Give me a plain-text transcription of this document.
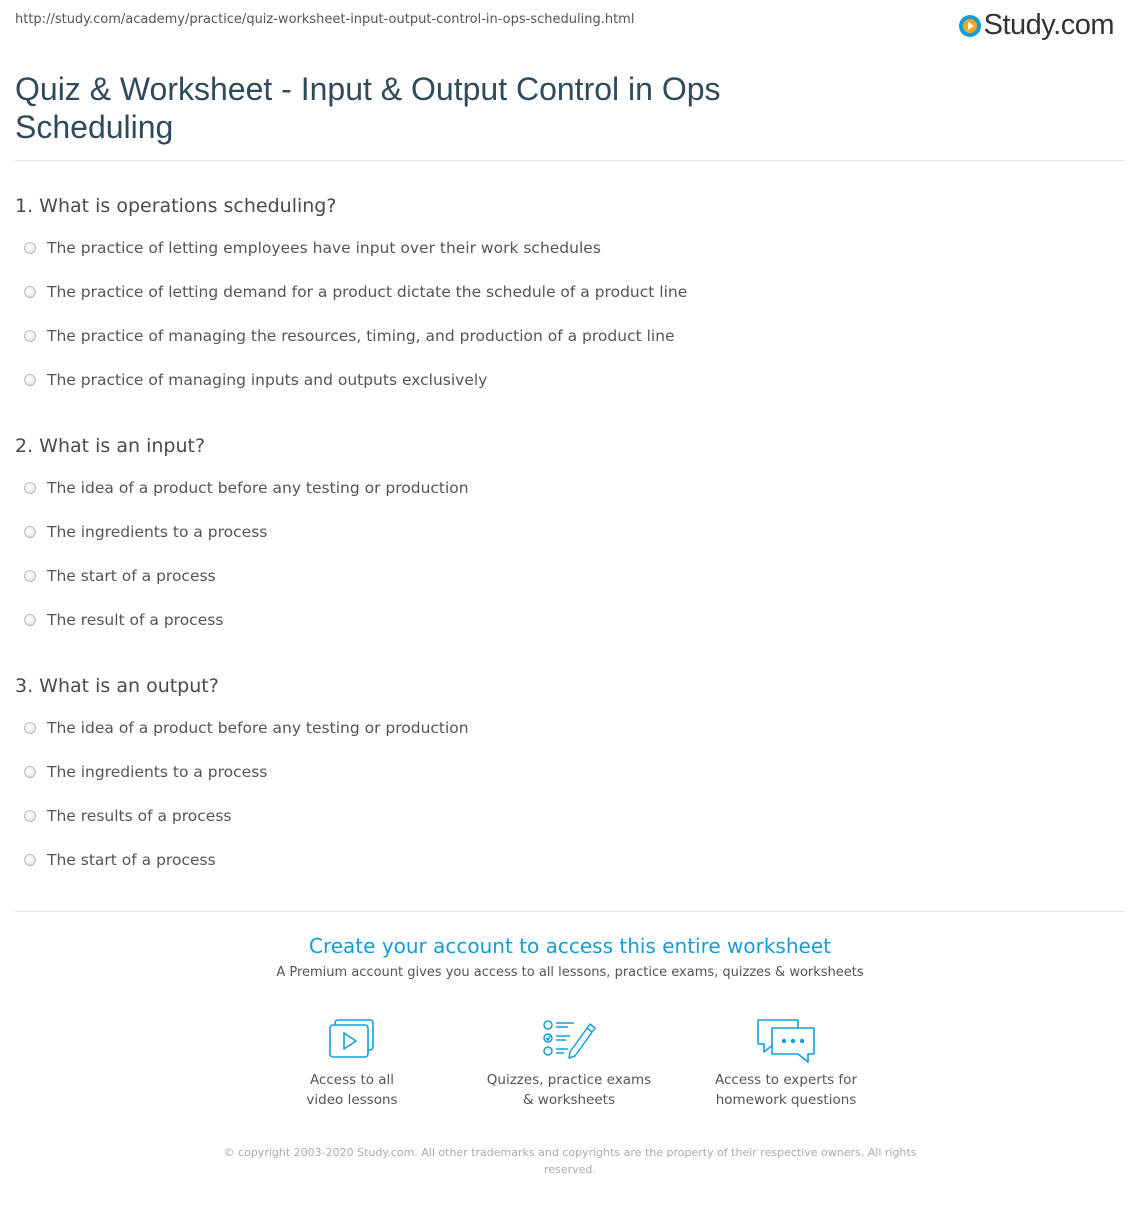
http://study.com/academy/practice/quiz-worksheet-input-output-control-in-ops-scheduling.html	Study.com
Quiz & Worksheet - Input & Output Control in Ops Scheduling
1. What is operations scheduling?
The practice of letting employees have input over their work schedules
The practice of letting demand for a product dictate the schedule of a product line
The practice of managing the resources, timing, and production of a product line
The practice of managing inputs and outputs exclusively
2. What is an input?
The idea of a product before any testing or production
The ingredients to a process
The start of a process
The result of a process
3. What is an output?
The idea of a product before any testing or production
The ingredients to a process
The results of a process
The start of a process
Create your account to access this entire worksheet
A Premium account gives you access to all lessons, practice exams, quizzes & worksheets
Access to all
video lessons
Quizzes, practice exams
& worksheets
Access to experts for
homework questions
© copyright 2003-2020 Study.com. All other trademarks and copyrights are the property of their respective owners. All rights reserved.
